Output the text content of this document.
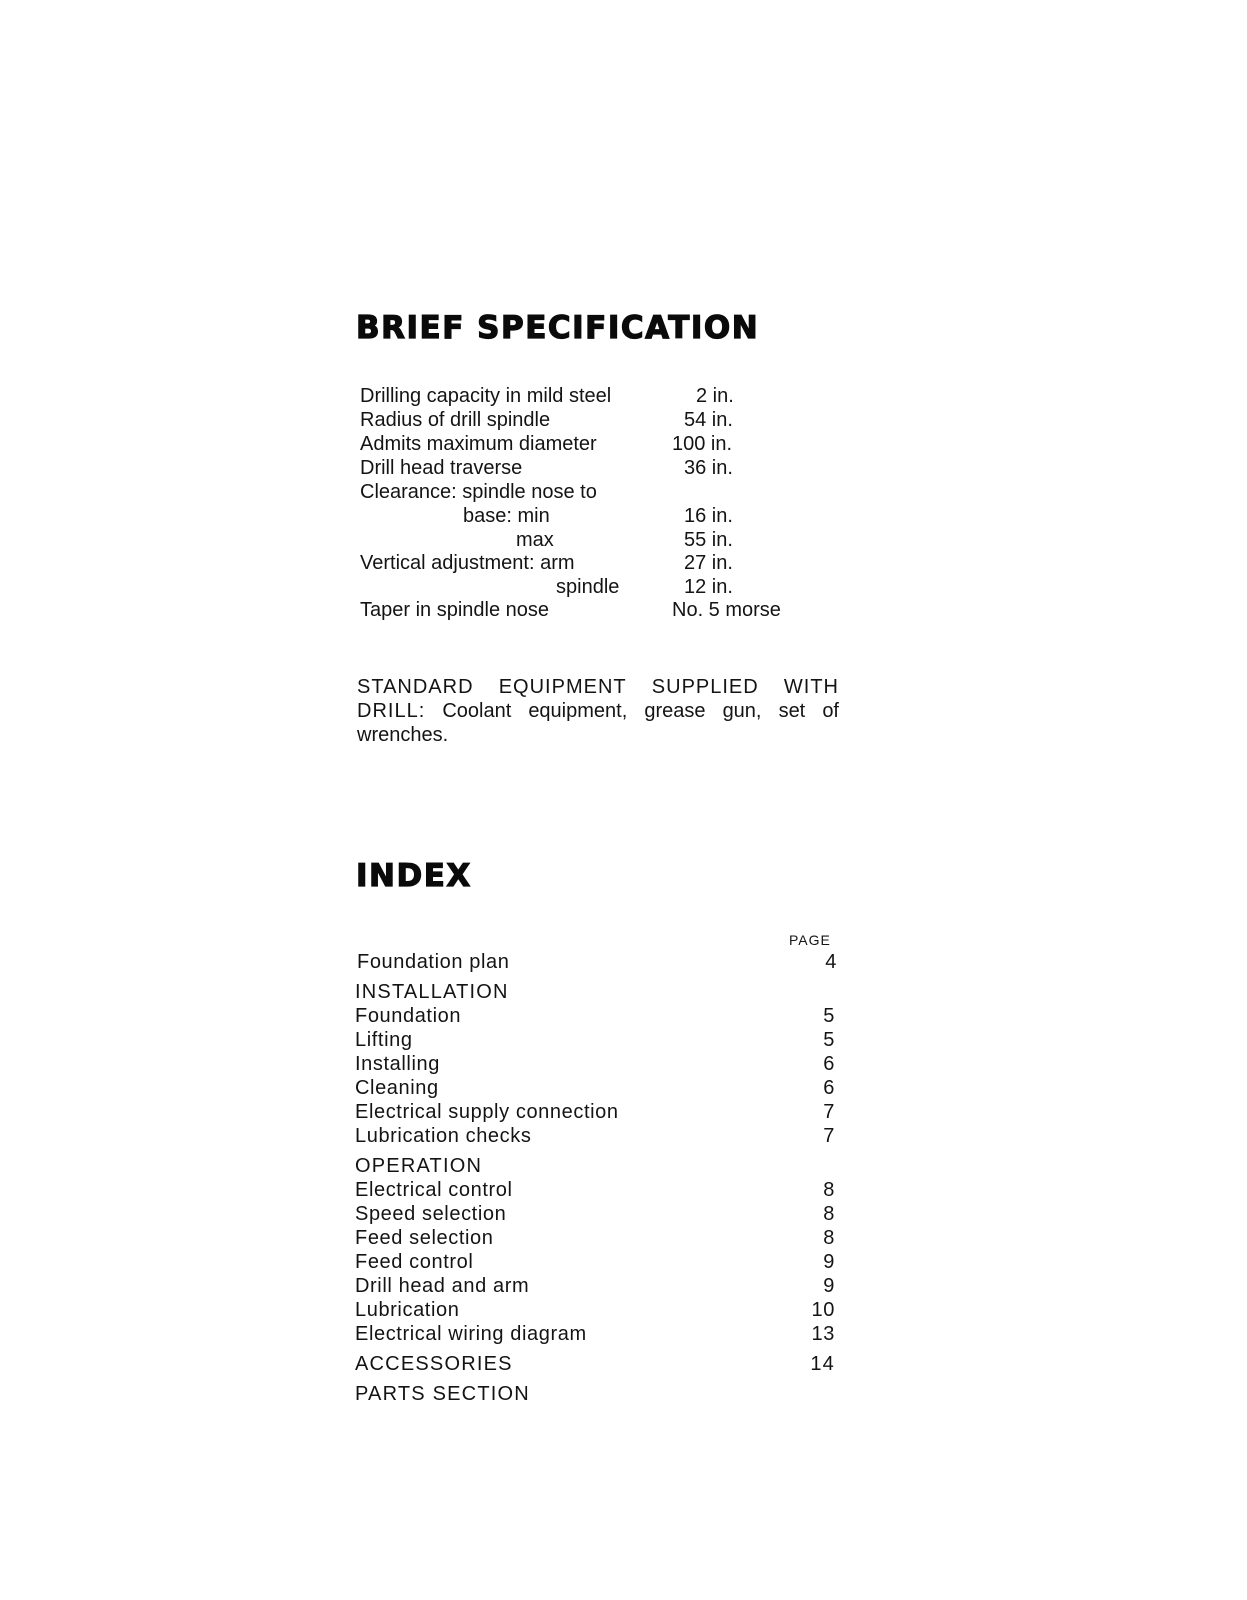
BRIEF SPECIFICATION
Drilling capacity in mild steel	2 in.
Radius of drill spindle	54 in.
Admits maximum diameter	100 in.
Drill head traverse	36 in.
Clearance: spindle nose to
base: min	16 in.
max	55 in.
Vertical adjustment: arm	27 in.
spindle	12 in.
Taper in spindle nose	No. 5 morse
STANDARD EQUIPMENT SUPPLIED WITH
DRILL: Coolant equipment, grease gun, set of
wrenches.
INDEX
PAGE
Foundation plan	4
INSTALLATION
Foundation	5
Lifting	5
Installing	6
Cleaning	6
Electrical supply connection	7
Lubrication checks	7
OPERATION
Electrical control	8
Speed selection	8
Feed selection	8
Feed control	9
Drill head and arm	9
Lubrication	10
Electrical wiring diagram	13
ACCESSORIES	14
PARTS SECTION
